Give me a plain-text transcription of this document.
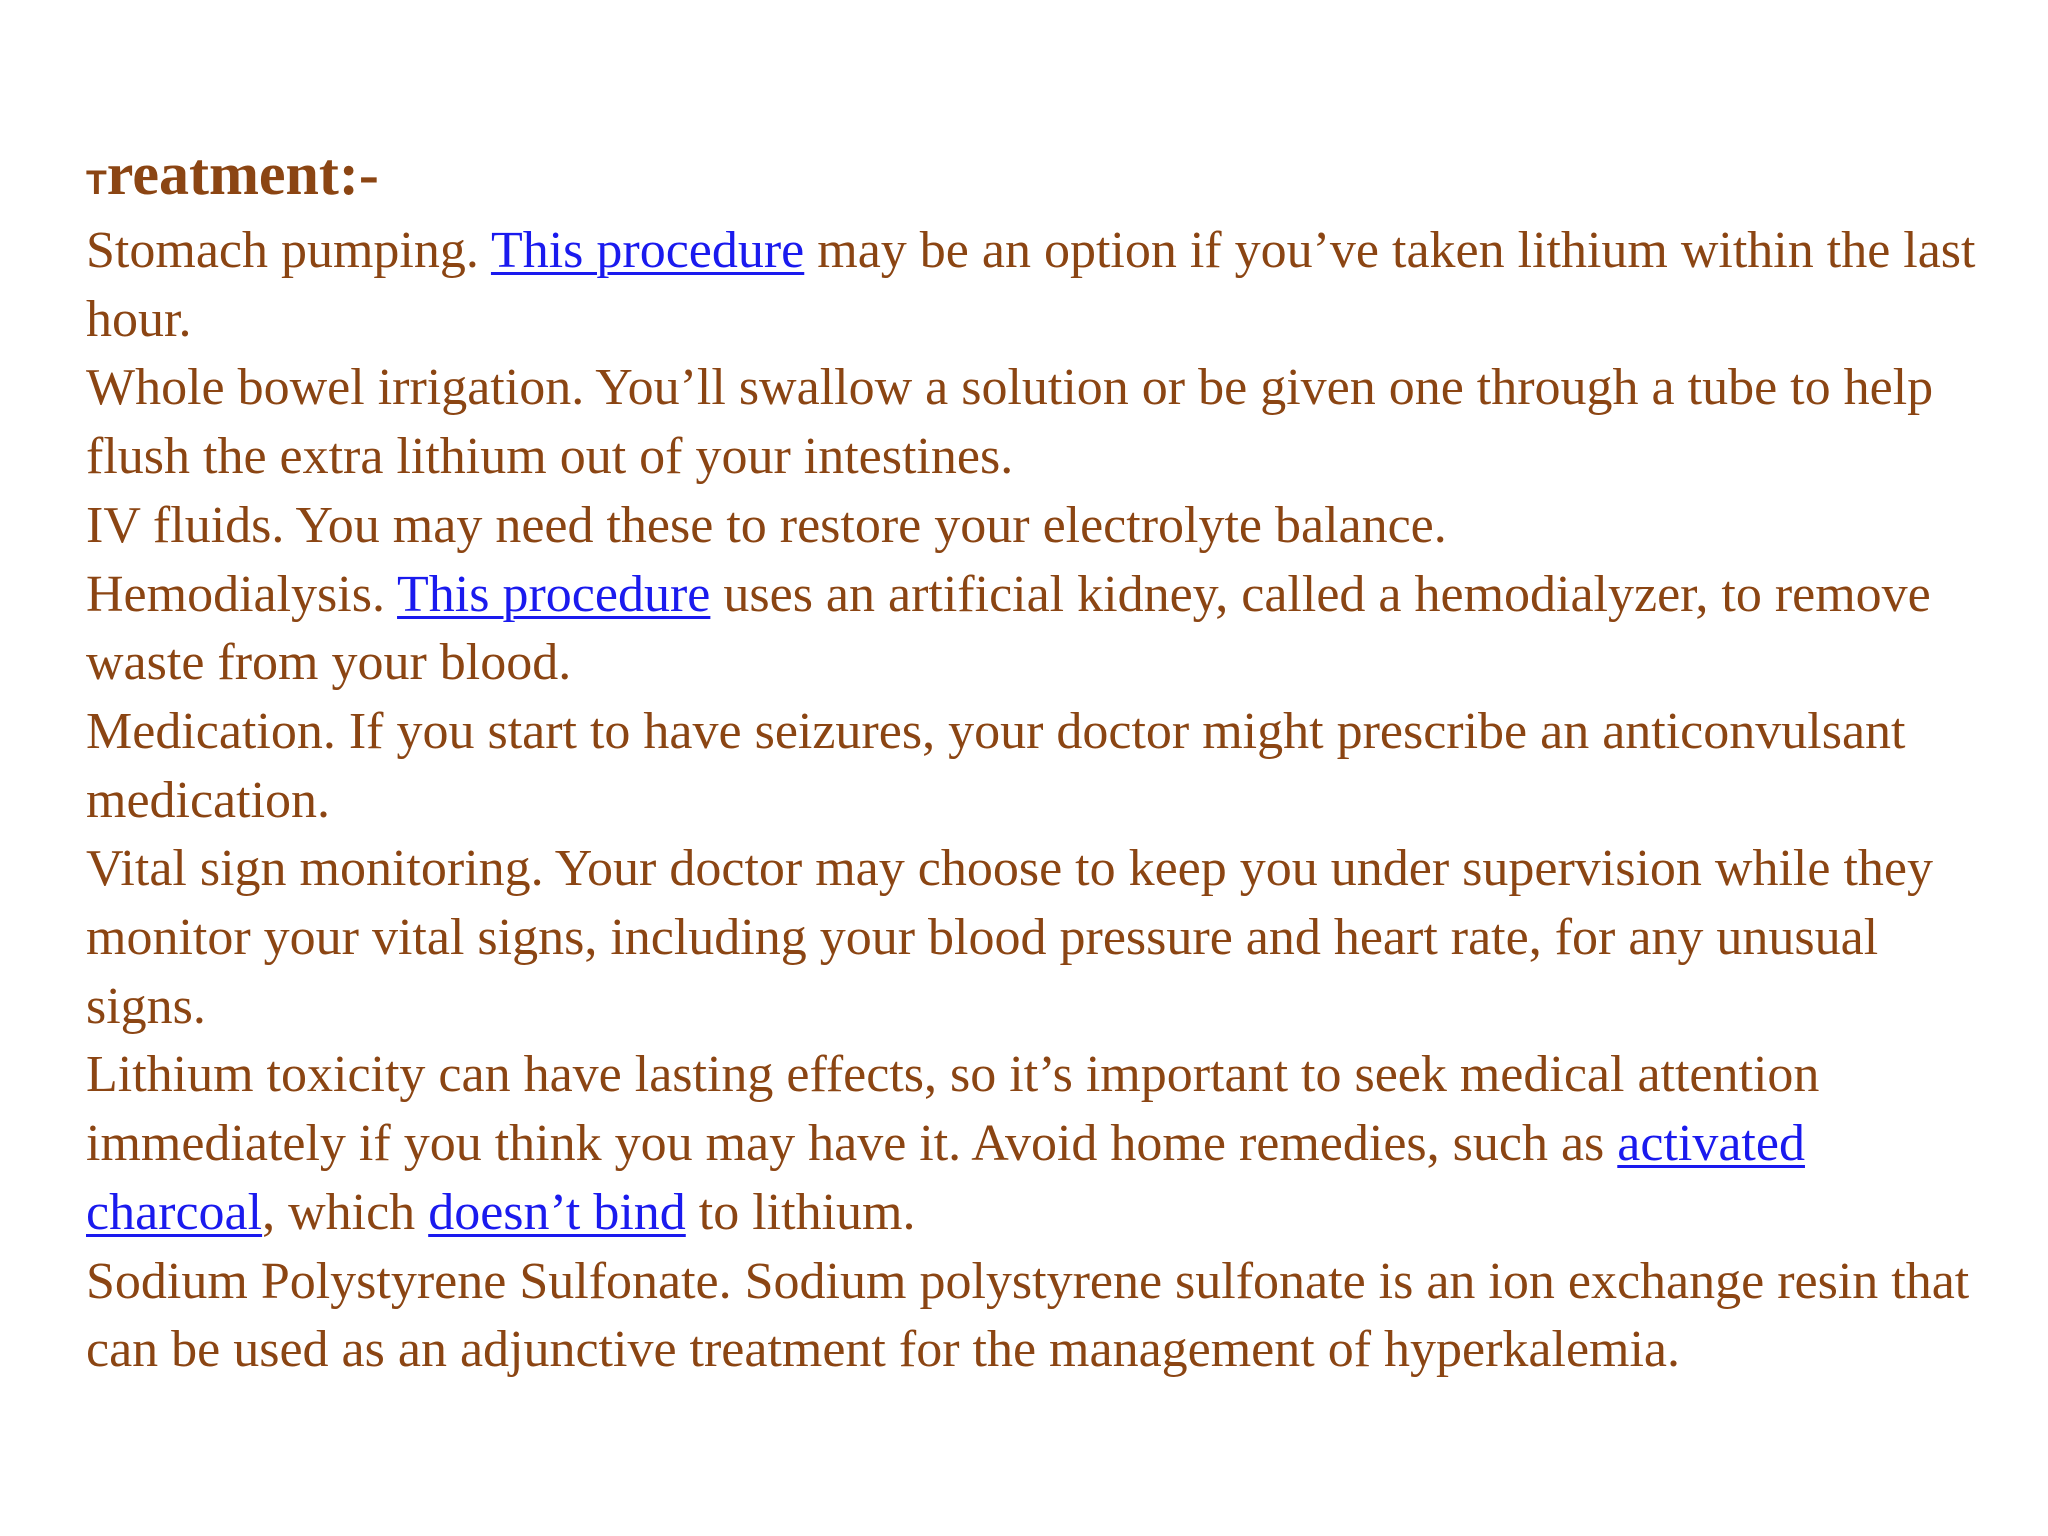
Treatment:-
Stomach pumping. This procedure may be an option if you’ve taken lithium within the last hour.
Whole bowel irrigation. You’ll swallow a solution or be given one through a tube to help flush the extra lithium out of your intestines.
IV fluids. You may need these to restore your electrolyte balance.
Hemodialysis. This procedure uses an artificial kidney, called a hemodialyzer, to remove waste from your blood.
Medication. If you start to have seizures, your doctor might prescribe an anticonvulsant medication.
Vital sign monitoring. Your doctor may choose to keep you under supervision while they monitor your vital signs, including your blood pressure and heart rate, for any unusual signs.
Lithium toxicity can have lasting effects, so it’s important to seek medical attention immediately if you think you may have it. Avoid home remedies, such as activated charcoal, which doesn’t bind to lithium.
Sodium Polystyrene Sulfonate. Sodium polystyrene sulfonate is an ion exchange resin that can be used as an adjunctive treatment for the management of hyperkalemia.
